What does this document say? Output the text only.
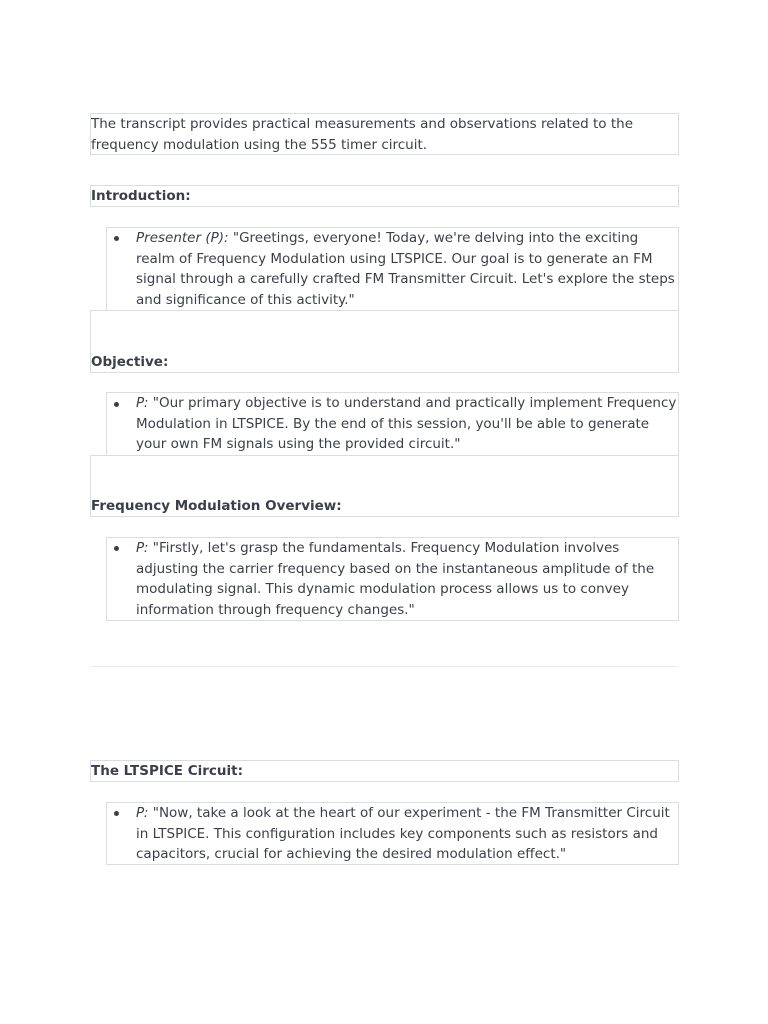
The transcript provides practical measurements and observations related to the frequency modulation using the 555 timer circuit.
Introduction:
Presenter (P): "Greetings, everyone! Today, we're delving into the exciting realm of Frequency Modulation using LTSPICE. Our goal is to generate an FM signal through a carefully crafted FM Transmitter Circuit. Let's explore the steps and significance of this activity."
Objective:
P: "Our primary objective is to understand and practically implement Frequency Modulation in LTSPICE. By the end of this session, you'll be able to generate your own FM signals using the provided circuit."
Frequency Modulation Overview:
P: "Firstly, let's grasp the fundamentals. Frequency Modulation involves adjusting the carrier frequency based on the instantaneous amplitude of the modulating signal. This dynamic modulation process allows us to convey information through frequency changes."
The LTSPICE Circuit:
P: "Now, take a look at the heart of our experiment - the FM Transmitter Circuit in LTSPICE. This configuration includes key components such as resistors and capacitors, crucial for achieving the desired modulation effect."
